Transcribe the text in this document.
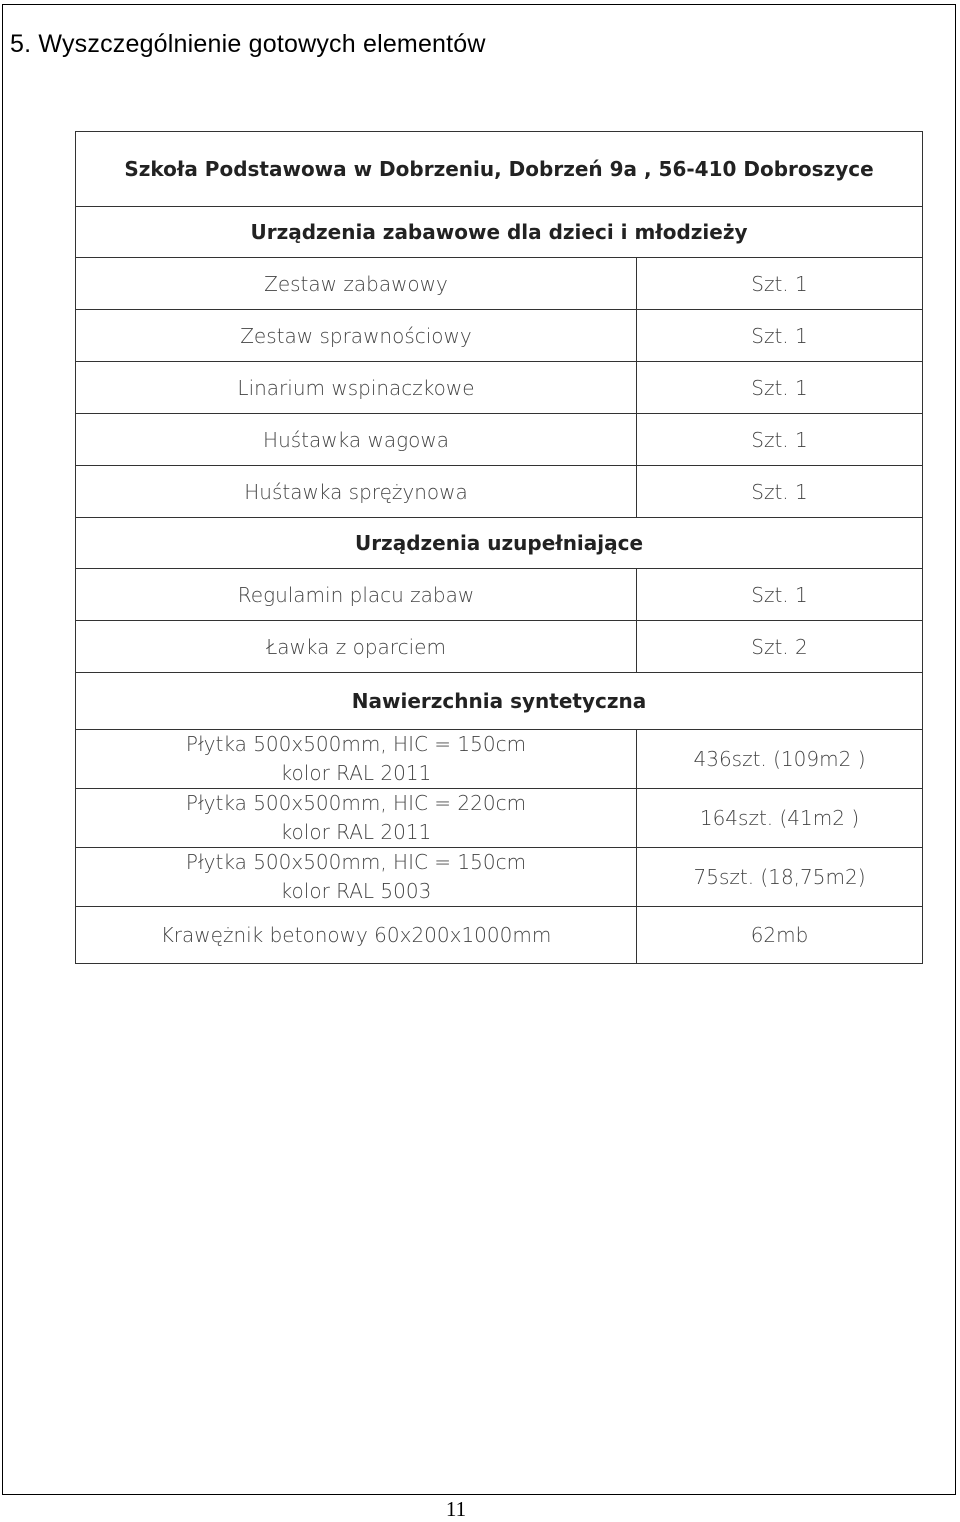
5. Wyszczególnienie gotowych elementów
Szkoła Podstawowa w Dobrzeniu, Dobrzeń 9a , 56-410 Dobroszyce	
Urządzenia zabawowe dla dzieci i młodzieży	
Zestaw zabawowy	Szt. 1
Zestaw sprawnościowy	Szt. 1
Linarium wspinaczkowe	Szt. 1
Huśtawka wagowa	Szt. 1
Huśtawka sprężynowa	Szt. 1
Urządzenia uzupełniające	
Regulamin placu zabaw	Szt. 1
Ławka z oparciem	Szt. 2
Nawierzchnia syntetyczna	

Płytka 500x500mm, HIC = 150cm
kolor RAL 2011	436szt. (109m2 )

Płytka 500x500mm, HIC = 220cm
kolor RAL 2011	164szt. (41m2 )

Płytka 500x500mm, HIC = 150cm
kolor RAL 5003	75szt. (18,75m2)
Krawężnik betonowy 60x200x1000mm	62mb
11
